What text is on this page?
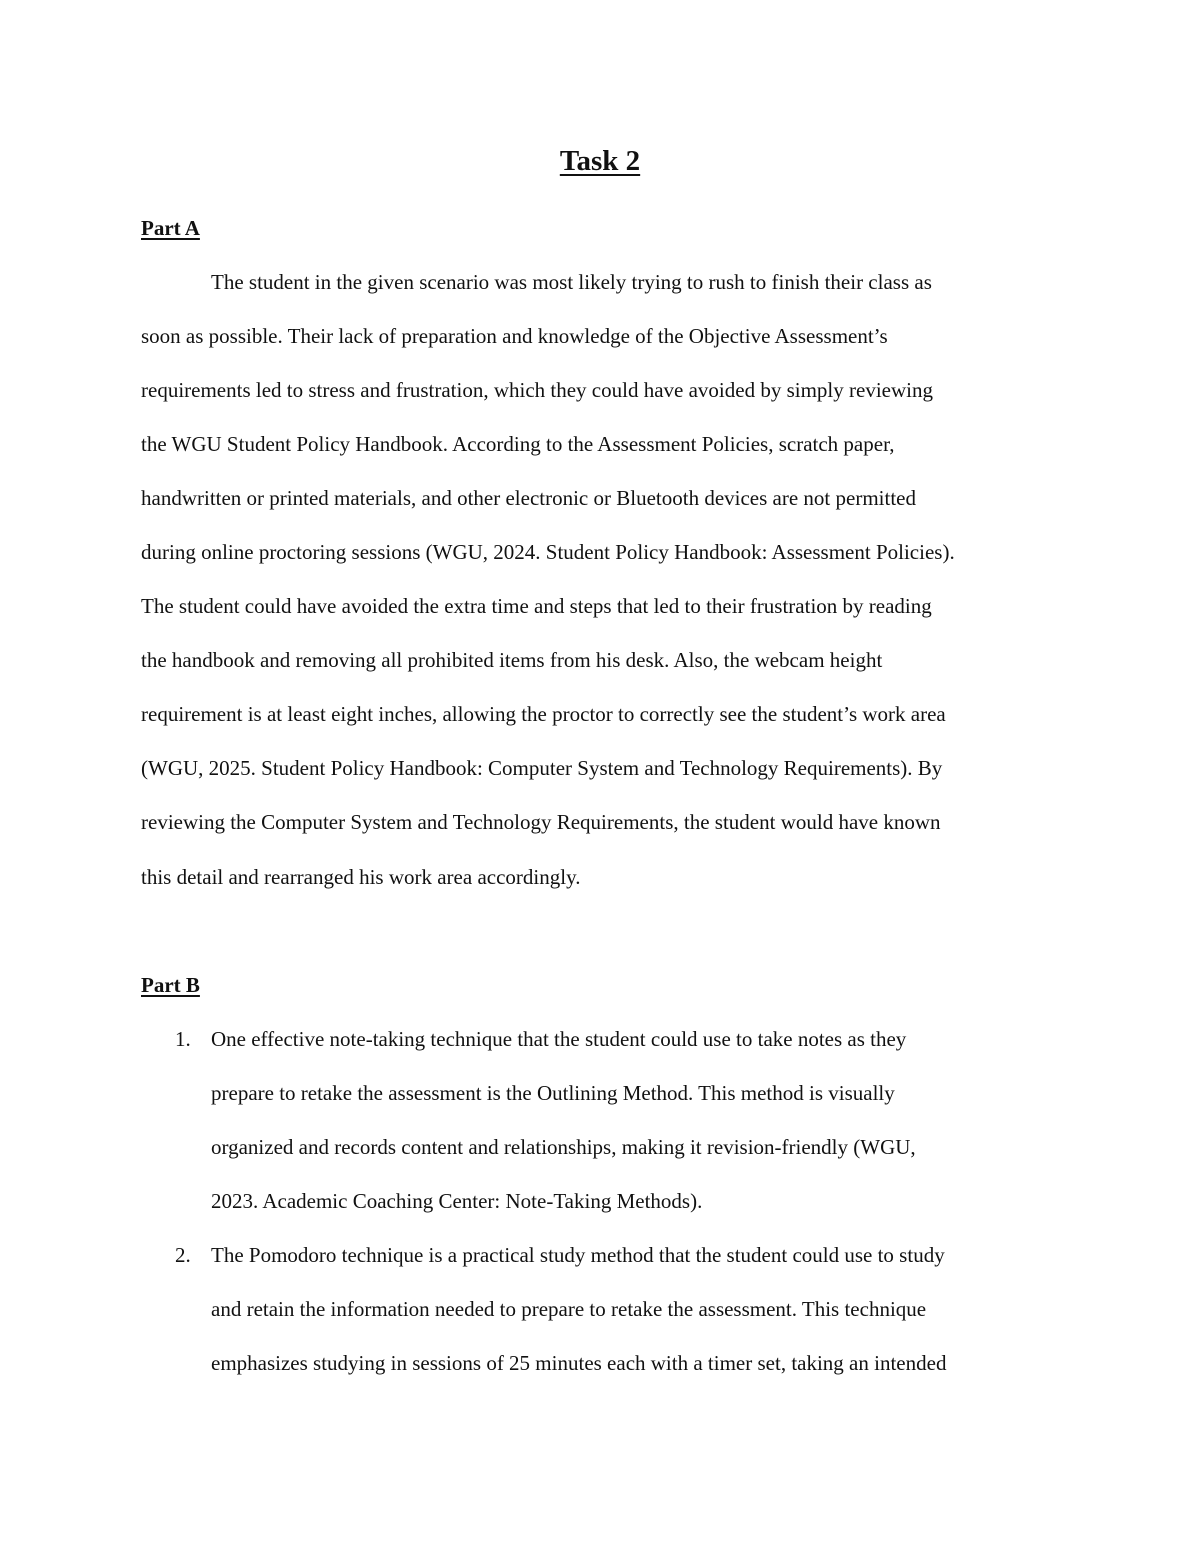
Task 2
Part A
The student in the given scenario was most likely trying to rush to finish their class as
soon as possible. Their lack of preparation and knowledge of the Objective Assessment’s
requirements led to stress and frustration, which they could have avoided by simply reviewing
the WGU Student Policy Handbook. According to the Assessment Policies, scratch paper,
handwritten or printed materials, and other electronic or Bluetooth devices are not permitted
during online proctoring sessions (WGU, 2024. Student Policy Handbook: Assessment Policies).
The student could have avoided the extra time and steps that led to their frustration by reading
the handbook and removing all prohibited items from his desk. Also, the webcam height
requirement is at least eight inches, allowing the proctor to correctly see the student’s work area
(WGU, 2025. Student Policy Handbook: Computer System and Technology Requirements). By
reviewing the Computer System and Technology Requirements, the student would have known
this detail and rearranged his work area accordingly.
Part B
1. One effective note-taking technique that the student could use to take notes as they
prepare to retake the assessment is the Outlining Method. This method is visually
organized and records content and relationships, making it revision-friendly (WGU,
2023. Academic Coaching Center: Note-Taking Methods).
2. The Pomodoro technique is a practical study method that the student could use to study
and retain the information needed to prepare to retake the assessment. This technique
emphasizes studying in sessions of 25 minutes each with a timer set, taking an intended
